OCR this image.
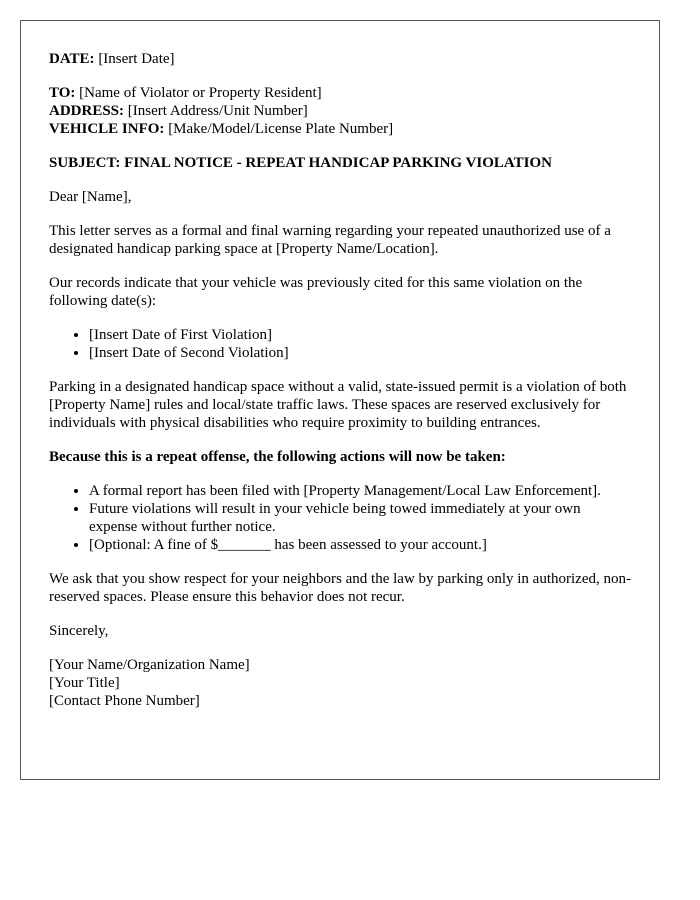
DATE: [Insert Date]
TO: [Name of Violator or Property Resident]
ADDRESS: [Insert Address/Unit Number]
VEHICLE INFO: [Make/Model/License Plate Number]
SUBJECT: FINAL NOTICE - REPEAT HANDICAP PARKING VIOLATION

Dear [Name],

This letter serves as a formal and final warning regarding your repeated unauthorized use of a designated handicap parking space at [Property Name/Location].

Our records indicate that your vehicle was previously cited for this same violation on the following date(s):

• [Insert Date of First Violation]
• [Insert Date of Second Violation]

Parking in a designated handicap space without a valid, state-issued permit is a violation of both [Property Name] rules and local/state traffic laws. These spaces are reserved exclusively for individuals with physical disabilities who require proximity to building entrances.

Because this is a repeat offense, the following actions will now be taken:

• A formal report has been filed with [Property Management/Local Law Enforcement].
• Future violations will result in your vehicle being towed immediately at your own expense without further notice.
• [Optional: A fine of $_______ has been assessed to your account.]

We ask that you show respect for your neighbors and the law by parking only in authorized, non-reserved spaces. Please ensure this behavior does not recur.

Sincerely,

[Your Name/Organization Name]
[Your Title]
[Contact Phone Number]
